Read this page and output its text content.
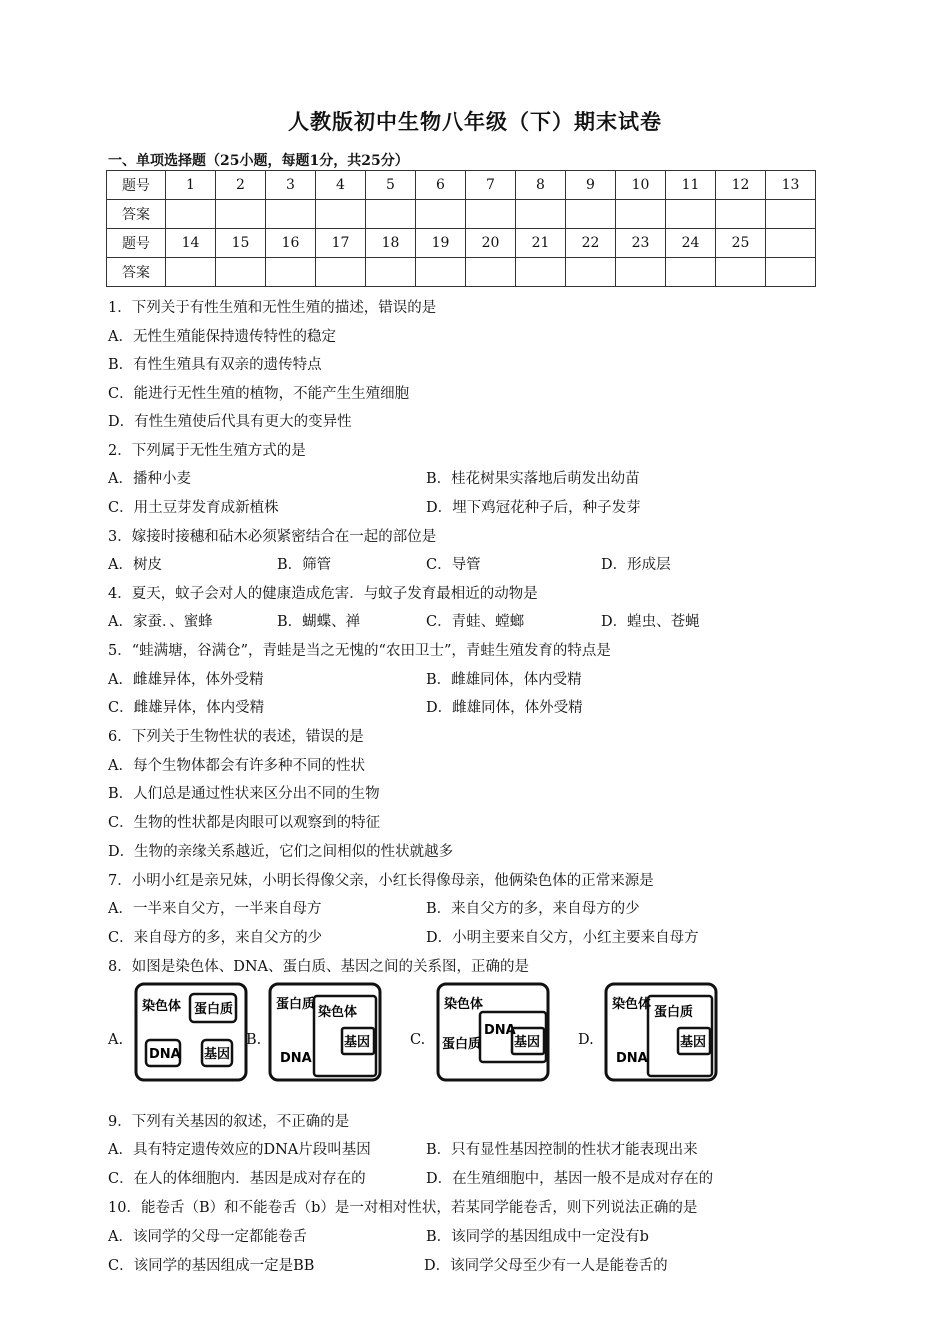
人教版初中生物八年级（下）期末试卷
一、单项选择题（25小题，每题1分，共25分）
题号	1	2	3	4	5	6	7	8	9	10	11	12	13
答案													
题号	14	15	16	17	18	19	20	21	22	23	24	25	
答案													
1．下列关于有性生殖和无性生殖的描述，错误的是
A．无性生殖能保持遗传特性的稳定
B．有性生殖具有双亲的遗传特点
C．能进行无性生殖的植物，不能产生生殖细胞
D．有性生殖使后代具有更大的变异性
2．下列属于无性生殖方式的是
A．播种小麦	B．桂花树果实落地后萌发出幼苗
C．用土豆芽发育成新植株	D．埋下鸡冠花种子后，种子发芽
3．嫁接时接穗和砧木必须紧密结合在一起的部位是
A．树皮	B．筛管	C．导管	D．形成层
4．夏天，蚊子会对人的健康造成危害．与蚊子发育最相近的动物是
A．家蚕．、蜜蜂	B．蝴蝶、禅	C．青蛙、螳螂	D．蝗虫、苍蝇
5．“蛙满塘，谷满仓”，青蛙是当之无愧的“农田卫士”，青蛙生殖发育的特点是
A．雌雄异体，体外受精	B．雌雄同体，体内受精
C．雌雄异体，体内受精	D．雌雄同体，体外受精
6．下列关于生物性状的表述，错误的是
A．每个生物体都会有许多种不同的性状
B．人们总是通过性状来区分出不同的生物
C．生物的性状都是肉眼可以观察到的特征
D．生物的亲缘关系越近，它们之间相似的性状就越多
7．小明小红是亲兄妹，小明长得像父亲，小红长得像母亲，他俩染色体的正常来源是
A．一半来自父方，一半来自母方	B．来自父方的多，来自母方的少
C．来自母方的多，来自父方的少	D．小明主要来自父方，小红主要来自母方
8．如图是染色体、DNA、蛋白质、基因之间的关系图，正确的是
A.
染色体 蛋白质
DNA 基因
B.
蛋白质
染色体
基因
DNA
C.
染色体
DNA
基因
蛋白质	D.
染色体
蛋白质
基因
DNA
9．下列有关基因的叙述，不正确的是
A．具有特定遗传效应的DNA片段叫基因	B．只有显性基因控制的性状才能表现出来
C．在人的体细胞内．基因是成对存在的	D．在生殖细胞中，基因一般不是成对存在的
10．能卷舌（B）和不能卷舌（b）是一对相对性状，若某同学能卷舌，则下列说法正确的是
A．该同学的父母一定都能卷舌	B．该同学的基因组成中一定没有b
C．该同学的基因组成一定是BB	D．该同学父母至少有一人是能卷舌的
